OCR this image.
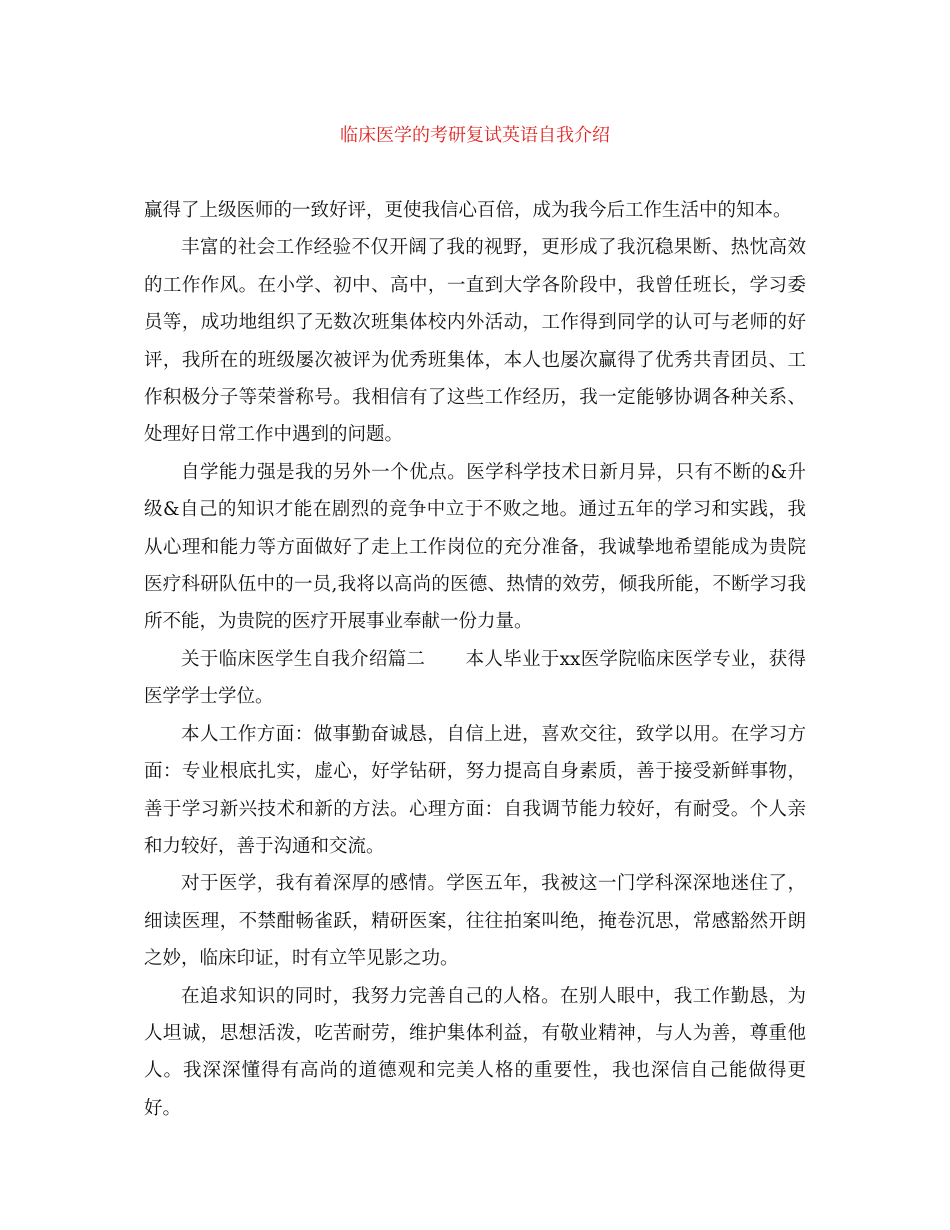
临床医学的考研复试英语自我介绍

赢得了上级医师的一致好评，更使我信心百倍，成为我今后工作生活中的知本。

丰富的社会工作经验不仅开阔了我的视野，更形成了我沉稳果断、热忱高效的工作作风。在小学、初中、高中，一直到大学各阶段中，我曾任班长，学习委员等，成功地组织了无数次班集体校内外活动，工作得到同学的认可与老师的好评，我所在的班级屡次被评为优秀班集体，本人也屡次赢得了优秀共青团员、工作积极分子等荣誉称号。我相信有了这些工作经历，我一定能够协调各种关系、处理好日常工作中遇到的问题。

自学能力强是我的另外一个优点。医学科学技术日新月异，只有不断的&升级&自己的知识才能在剧烈的竞争中立于不败之地。通过五年的学习和实践，我从心理和能力等方面做好了走上工作岗位的充分准备，我诚挚地希望能成为贵院医疗科研队伍中的一员,我将以高尚的医德、热情的效劳，倾我所能，不断学习我所不能，为贵院的医疗开展事业奉献一份力量。

关于临床医学生自我介绍篇二 本人毕业于xx医学院临床医学专业，获得医学学士学位。

本人工作方面：做事勤奋诚恳，自信上进，喜欢交往，致学以用。在学习方面：专业根底扎实，虚心，好学钻研，努力提高自身素质，善于接受新鲜事物，善于学习新兴技术和新的方法。心理方面：自我调节能力较好，有耐受。个人亲和力较好，善于沟通和交流。

对于医学，我有着深厚的感情。学医五年，我被这一门学科深深地迷住了，细读医理，不禁酣畅雀跃，精研医案，往往拍案叫绝，掩卷沉思，常感豁然开朗之妙，临床印证，时有立竿见影之功。

在追求知识的同时，我努力完善自己的人格。在别人眼中，我工作勤恳，为人坦诚，思想活泼，吃苦耐劳，维护集体利益，有敬业精神，与人为善，尊重他人。我深深懂得有高尚的道德观和完美人格的重要性，我也深信自己能做得更好。
